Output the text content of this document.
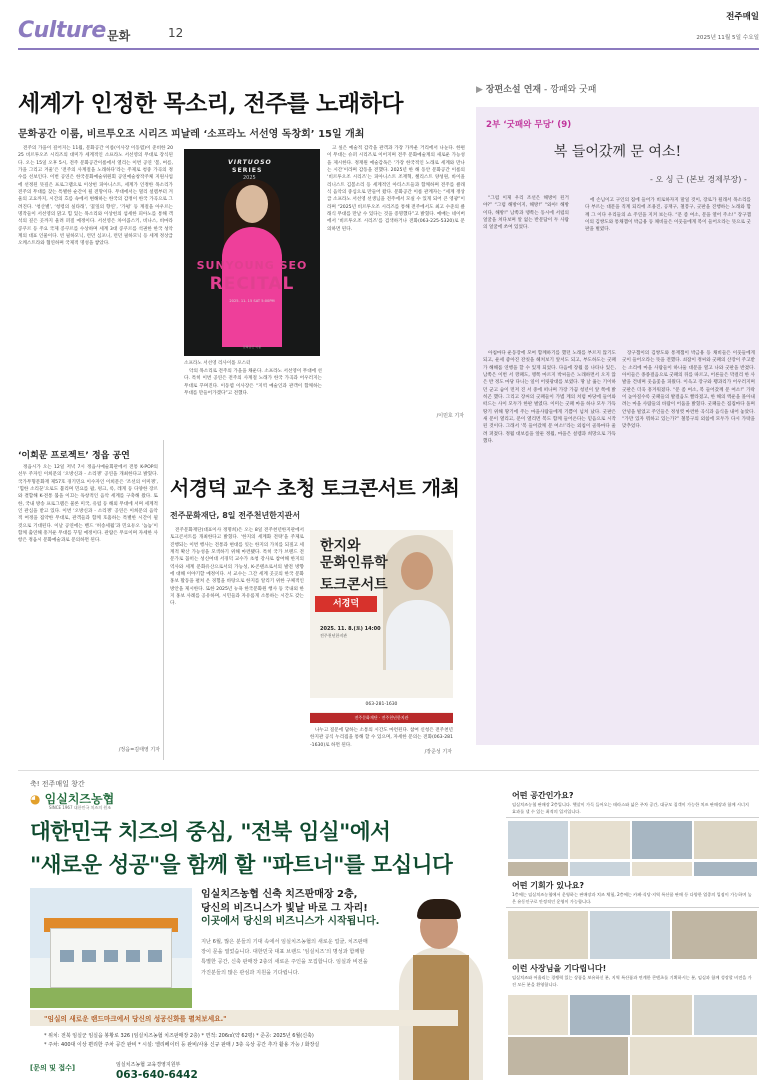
Culture 문화	12
전주매일
2025년 11월 5일 수요일
세계가 인정한 목소리, 전주를 노래하다
문화공간 이룸, 비르투오조 시리즈 피날레 ‘소프라노 서선영 독창회’ 15일 개최

전주의 가을이 깊어지는 11월, 문화공간 이룸(이사장 이동엽)이 준비한 2025 비르투오조 시리즈의 대미가 세계적인 소프라노 서선영의 무대로 장식된다. 오는 15일 오후 5시, 전주 문화공간이룸에서 열리는 이번 공연 ‘봄, 여름, 가을 그리고 겨울’은 ‘전주의 사계절을 노래하다’라는 주제로 청중 가곡의 정수를 선보인다. 이번 공연은 한국문화예술위원회 공연예술창작주체 지원사업에 선정된 뜻깊은 프로그램으로 이상헌 피아니스트, 세계가 인정한 목소리가 전주의 무대를 찾는 특별한 순간이 될 전망이다. 무대에서는 멀리 설렘부터 겨울의 고요까지, 시간의 흐름 속에서 변해하는 한국의 감정이 한국 가곡으로 그려진다. ‘청산별’, ‘청령의 실타래’, ‘꽃잎의 향연’, ‘가평’ 등 계절을 아우르는 명작들이 서선영의 맑고 힘 있는 목소리와 이상헌의 섬세한 피아노를 통해 객석의 깊은 곳까지 울려 퍼질 예정이다. 서선영은 차이콥스키, 비나스, 비마라 콩쿠르 등 주요 국제 콩쿠르를 수상하며 세계 3대 콩쿠르를 석권한 한국 성악계의 대표 인물이다. 빈 필하모닉, 런던 심포니, 런던 필하모닉 등 세계 정상급 오케스트라와 협연하며 국제적 명성을 쌓았다.

VIRTUOSO
SERIES
2025
SUNYOUNG SEO
RECITAL
2025. 11. 15 SAT 5:00PM
문화공간 이룸
소프라노 서선영 리사이틀 포스터

악의 목소리로 전주의 가을을 채운다. 소프라노 서선영이 무대에 선다. 특히 이번 공연은 전주의 사계절 노래가 한국 가곡과 어우러지는 무대로 꾸며진다. 이동엽 이사장은 “지역 예술인과 관객이 함께하는 무대를 만들어가겠다”고 전했다.

고 싶은 예술적 감각을 관객과 가장 가까운 거리에서 나눈다. 한편 이 무대는 슈퍼 시리즈로 이어지며 전주 문화예술계의 새로운 가능성을 제시한다. 정재원 예술감독은 ‘가장 한국적인 노래로 세계와 만나는 시간’이라며 감동을 전했다. 2025년 한 해 동안 문화공간 이룸의 ‘비르투오조 시리즈’는 피아니스트 조재혁, 첼리스트 양성원, 바이올리니스트 김봄소리 등 세계적인 아티스트들과 함께하며 전주를 클래식 음악의 중심으로 만들어 왔다. 문화공간 이룸 관계자는 “세계 정상급 소프라노 서선영 선생님을 전주에서 모실 수 있게 되어 큰 영광”이라며 “2025년 비르투오조 시리즈를 통해 전주에서도 최고 수준의 클래식 무대를 만날 수 있다는 것을 증명했다”고 밝혔다. 예매는 네이버에서 ‘비르투오조 시리즈’를 검색하거나 전화(063-225-5320)로 문의하면 된다.

/이민호 기자
▶ 장편소설 연재 - 깡패와 굿패
2부 ‘굿패와 무당’ (9)
복 들어갔께 문 여소!
- 오 싱 근 (본보 경제부장) -

“그럼 이제 우리 조선은 해방이 된거야?” “그럼 해방이지, 해방!” “와아! 해방이다, 해방!” 남쪽과 땡쪽는 동시에 서럽의 얼굴을 쳐다보며 알 없는 반문답이 두 사람의 얼굴에 쏘여 있었다.

에 손님이고 구인의 집에 들어가 비로하자지 말일 것이, 장로가 될래서 목소리를 다 부르는 대문을 직계 되리에 조용진, 공재구, 철봉구, 굿판을 진행하는 노래와 함께 그 이다 우리들의 쇼 주연을 지켜 보는다. “문 좀 여소, 문을 열어 주소!” 장구잽이의 김쌍도와 통채잽이 박금용 등 채비들은 이웃들에게 복이 들어오라는 뜻으로 굿판을 벌였다.

아침마다 운동장에 모여 함께하기를 했던 노래를 부르지 않기도 되고, 운세 좋아진 잔칫을 헤쳐보기 앞서도 되고, 부도하도는 굿패가 해해롭 연행을 할 수 있게 되었다. 다음에 장월 몸 나타나 있든, 남쪽은 이번 서 깡패도, 땡쪽 마르지 박씨들은 노래하면서 오지 않은 반 정도 마당 다니는 일이 어릿광대를 보였다. 땅 날 옮는 기이하던 군고 숨이 먼저 진 서 중에 떠나며 가장 가끔 청년이 앞 쪽에 밝히곤 했다. 그리고 장씨의 굿패들이 가볍 계의 쳐럼 마당에 들어와 떠드는 사이 모두가 한판 벌였다. 이미는 굿패 마을 하나 모두 가득 땅기 위해 땅기에 주는 마을사람들에게 기쁨이 넘쳐 났다. 굿판은 새 문이 열리고, 문이 열리면 복도 함께 들어온다는 믿음으로 시작된 것이다. 그래서 ‘복 들어갔께 문 여소!’라는 외침이 골목마다 울려 퍼졌다. 정월 대보름을 앞둔 정월, 마을은 설렘과 희망으로 가득했다.

장구잽이의 김쌍도와 통재잽이 박금용 등 채비들은 이웃들에게 굿이 들어오라는 뜻을 전했다. 쇠잡이 정씨와 굿패의 산장이 주고받는 소리에 마을 사람들이 하나둘 대문을 열고 나와 굿판을 반겼다. 아이들은 종종걸음으로 굿패의 뒤를 따르고, 어른들은 막걸리 한 사발을 건네며 웃음꽃을 피웠다. 이윽고 장구와 꽹과리가 어우러지며 굿판은 더욱 흥겨워졌다. “문 좀 여소, 복 들어갔께 문 여소!” 가락이 높아질수록 굿패들의 발걸음도 빨라졌고, 한 해의 액운을 몰아내려는 마을 사람들의 바람이 어둠을 밝혔다. 굿패들은 집집마다 돌며 안녕을 빌었고 주인들은 정성껏 마련한 곡식과 음식을 내어 놓았다. “가만 있자 뭐하고 있는가?” 철봉구의 외침에 모두가 다시 가락을 맞추었다.

‘이희문 프로젝트’ 정읍 공연

정읍시가 오는 12일 저녁 7시 정읍사예술회관에서 전통 K-POP의 선두 주자인 이희문의 ‘오방신과 - 소리쟁’ 공연을 개최한다고 밝혔다. 국가무형문화재 제57호 경기민요 이수자인 이희문은 ‘조선의 이미쟁’, ‘힙한 소리꾼’으로도 불리며 민요를 팝, 펑크, 록, 레게 등 다양한 장르와 결합해 K-전통 붐을 이끄는 독창적인 음악 세계를 구축해 왔다. 또한, 국내 방송 프로그램은 물론 미국, 유럽 등 해외 무대에 서며 세계적인 관심을 받고 있다. 이번 ‘오방신과 - 소리쟁’ 공연은 이희문의 음악적 여정을 집약한 무대로, 관객들과 함께 호흡하는 특별한 시간이 될 것으로 기대된다. 이날 공연에는 밴드 ‘허송세월’과 민요듀오 ‘놈놈’이 함께 출연해 흥겨운 무대를 꾸밀 예정이다. 관람은 무료이며 자세한 사항은 정읍시 문화예술과로 문의하면 된다.

/정읍=김태영 기자
서경덕 교수 초청 토크콘서트 개최
전주문화재단, 8일 전주천년한지관서

전주문화재단(대표이사 정명희)은 오는 8일 전주천년한지관에서 토크콘서트를 개최한다고 밝혔다. ‘한지의 세계화 전략’을 주제로 진행되는 이번 행사는 전통과 현대를 잇는 한지의 가치를 되짚고 세계적 확산 가능성을 모색하기 위해 마련됐다. 특히 국가 브랜드 전문가로 꼽히는 성신여대 서경덕 교수가 초청 강사로 참여해 한지의 역사와 세계 문화유산으로서의 가능성, K-콘텐츠로서의 발전 방향에 대해 이야기할 예정이다. 서 교수는 그간 세계 곳곳의 한국 문화 홍보 활동을 펼쳐 온 경험을 바탕으로 한지를 알리기 위한 구체적인 방안을 제시한다. 또한 2025년 뉴욕 한국문화원 행사 등 국내외 한지 홍보 사례를 공유하며, 시민들과 자유롭게 소통하는 시간도 갖는다.

한지와
문화인류학
토크콘서트
서경덕
2025. 11. 8.(토) 14:00
전주천년한지관
063-281-1630
전주문화재단 · 전주천년한지관

나누고 질문에 답하는 소통의 시간도 마련된다. 참여 신청은 전주천년한지관 공식 누리집을 통해 할 수 있으며, 자세한 문의는 전화(063-281-1630)로 하면 된다.

/장준성 기자
축! 전주매일 창간
◕ 임실치즈농협
SINCE 1967 대한민국 치즈의 원조
대한민국 치즈의 중심, "전북 임실"에서
"새로운 성공"을 함께 할 "파트너"를 모십니다
임실치즈농협 신축 치즈판매장 2층,
당신의 비즈니스가 빛날 바로 그 자리!
이곳에서 당신의 비즈니스가 시작됩니다.
지난 6월, 많은 분들의 기대 속에서 임실치즈농협의 새로운 얼굴, 치즈판매장이 문을 열었습니다. 대한민국 대표 브랜드 ‘임실치즈’의 명성과 함께할 특별한 공간, 신축 판매장 2층의 새로운 주인을 모집합니다. 임실과 비전을 가진분들의 많은 관심과 지원을 기다립니다.
"임실의 새로운 랜드마크에서 당신의 성공신화를 펼쳐보세요."
* 위치: 전북 임실군 임실읍 봉황로 326 (임실치즈농협 치즈판매장 2층) * 면적: 206㎡(약 62평) * 준공: 2025년 6월(신축)
* 주차: 400대 이상 편리한 주차 공간 완비 * 시설: 엘리베이터 등 완비/사용 신규 판매 / 3층 옥상 공간 추가 활용 가능 / 화장실
[문의 및 접수]	임실치즈농협 교육경영지원부
063-640-6442
어떤 공간인가요?
임실치즈농협 판매장 2층입니다. 햇살이 가득 들어오는 테라스와 넓은 주차 공간, 대규모 집객이 가능한 치즈 판매장과 함께 시너지 효과를 낼 수 있는 최적의 입지입니다.
어떤 기회가 있나요?
1층에는 임실치즈농협에서 운영하는 판매장과 치즈 체험, 2층에는 카페·식당·지역 특산품 판매 등 다양한 업종의 입점이 가능하며 높은 유동인구로 안정적인 운영이 가능합니다.
이런 사장님을 기다립니다!
임실치즈와 어울리는 경쟁력 있는 상품을 보유하신 분, 지역 특산품과 연계한 콘텐츠를 기획하시는 분, 임실과 함께 성장할 비전을 가진 모든 분을 환영합니다.
